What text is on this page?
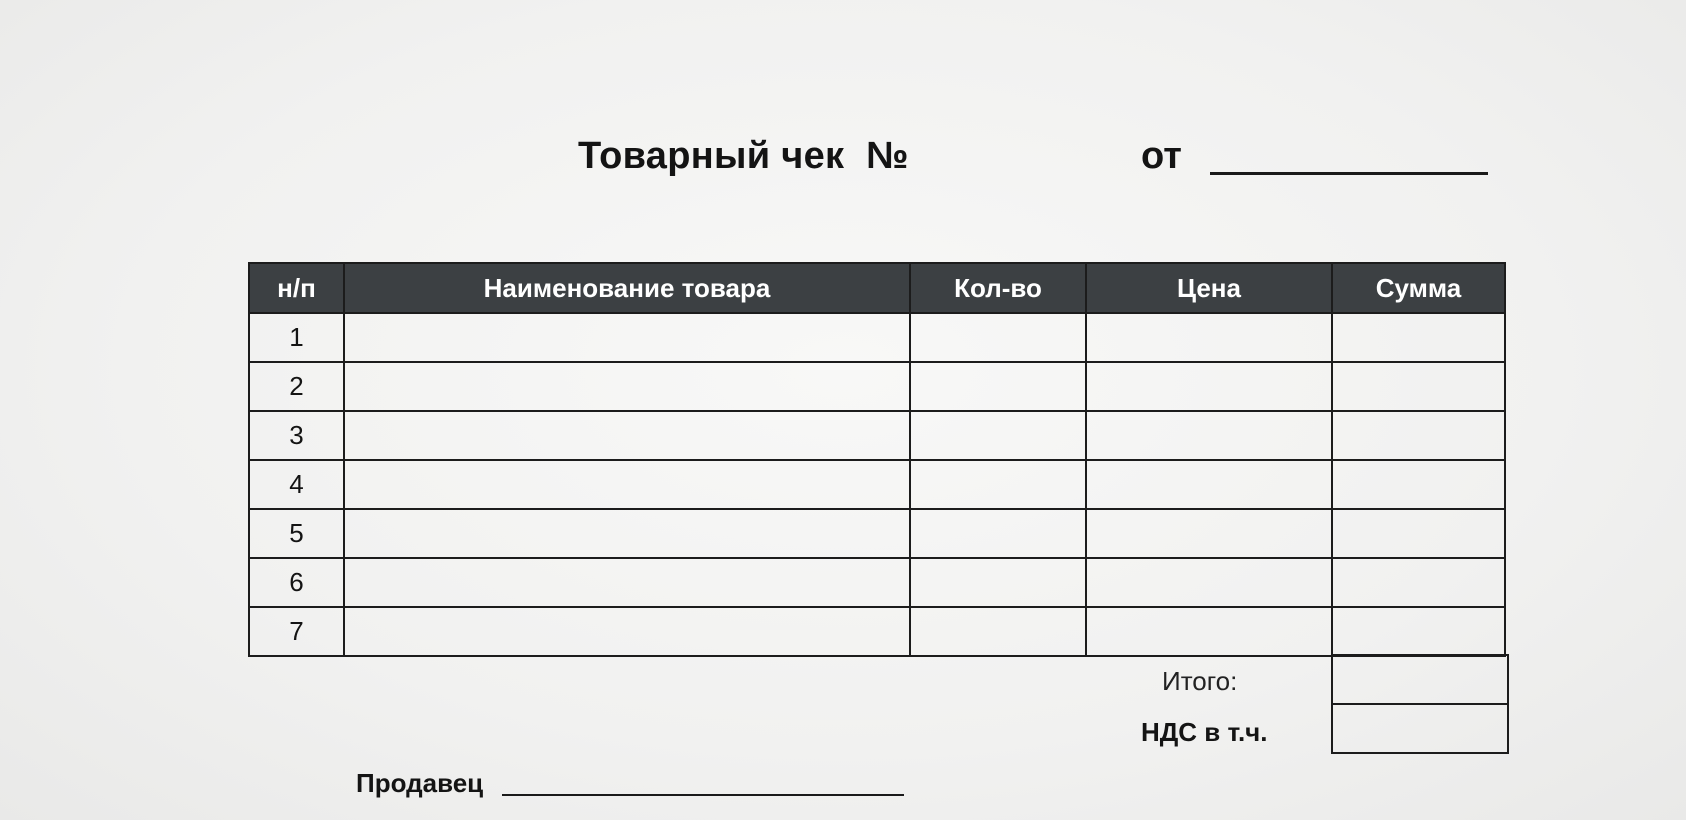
Товарный чек  №	от
н/п	Наименование товара	Кол-во	Цена	Сумма
1				
2				
3				
4				
5				
6				
7				
Итого:
НДС в т.ч.

Продавец
